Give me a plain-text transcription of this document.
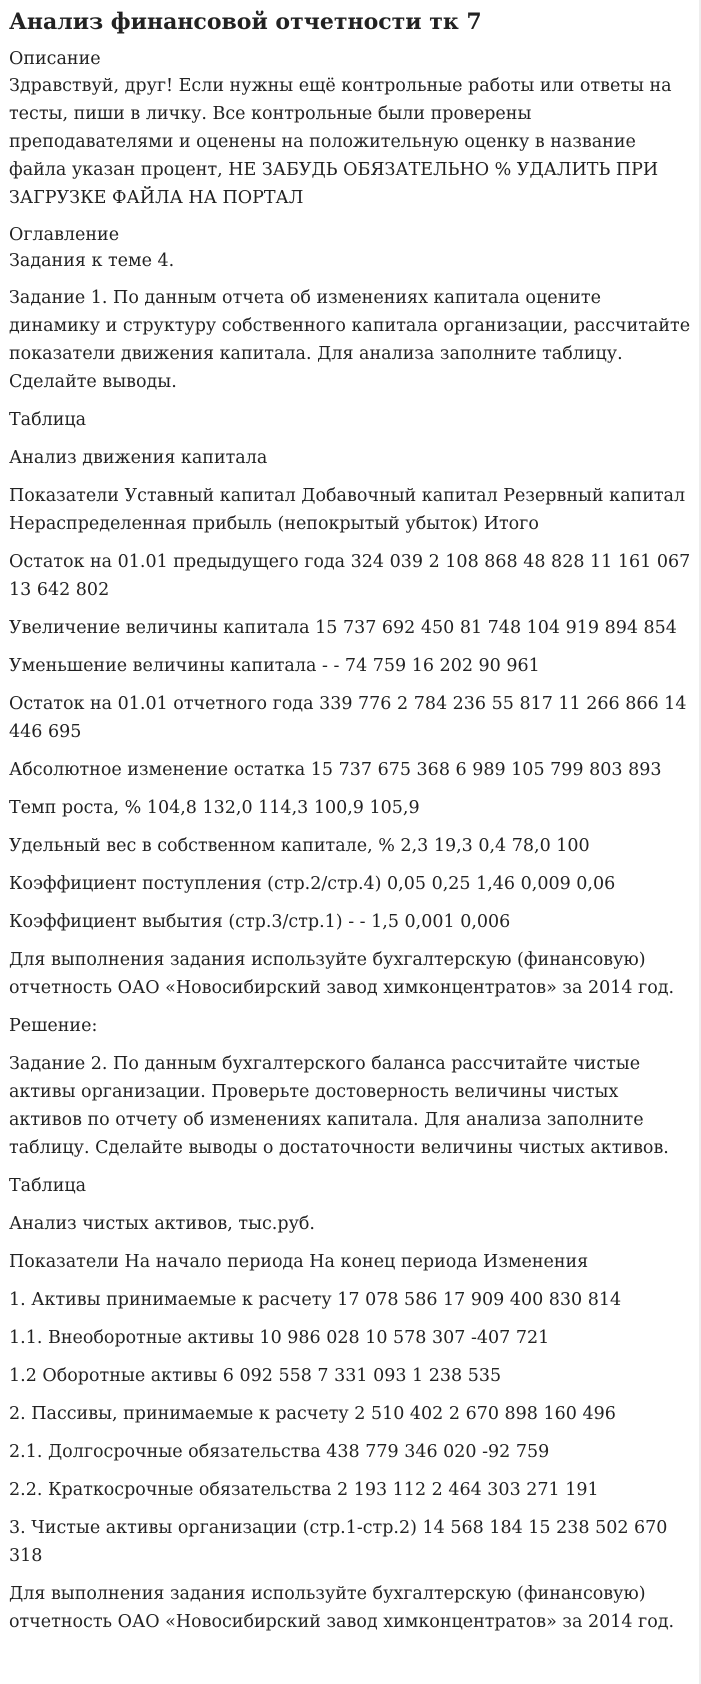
Анализ финансовой отчетности тк 7
Описание
Здравствуй, друг! Если нужны ещё контрольные работы или ответы на тесты, пиши в личку. Все контрольные были проверены преподавателями и оценены на положительную оценку в название файла указан процент, НЕ ЗАБУДЬ ОБЯЗАТЕЛЬНО % УДАЛИТЬ ПРИ ЗАГРУЗКЕ ФАЙЛА НА ПОРТАЛ
Оглавление
Задания к теме 4.

Задание 1. По данным отчета об изменениях капитала оцените динамику и структуру собственного капитала организации, рассчитайте показатели движения капитала. Для анализа заполните таблицу. Сделайте выводы.

Таблица

Анализ движения капитала

Показатели Уставный капитал Добавочный капитал Резервный капитал Нераспределенная прибыль (непокрытый убыток) Итого

Остаток на 01.01 предыдущего года 324 039 2 108 868 48 828 11 161 067 13 642 802

Увеличение величины капитала 15 737 692 450 81 748 104 919 894 854

Уменьшение величины капитала - - 74 759 16 202 90 961

Остаток на 01.01 отчетного года 339 776 2 784 236 55 817 11 266 866 14 446 695

Абсолютное изменение остатка 15 737 675 368 6 989 105 799 803 893

Темп роста, % 104,8 132,0 114,3 100,9 105,9

Удельный вес в собственном капитале, % 2,3 19,3 0,4 78,0 100

Коэффициент поступления (стр.2/стр.4) 0,05 0,25 1,46 0,009 0,06

Коэффициент выбытия (стр.3/стр.1) - - 1,5 0,001 0,006

Для выполнения задания используйте бухгалтерскую (финансовую) отчетность ОАО «Новосибирский завод химконцентратов» за 2014 год.

Решение:

Задание 2. По данным бухгалтерского баланса рассчитайте чистые активы организации. Проверьте достоверность величины чистых активов по отчету об изменениях капитала. Для анализа заполните таблицу. Сделайте выводы о достаточности величины чистых активов.

Таблица

Анализ чистых активов, тыс.руб.

Показатели На начало периода На конец периода Изменения

1. Активы принимаемые к расчету 17 078 586 17 909 400 830 814

1.1. Внеоборотные активы 10 986 028 10 578 307 -407 721

1.2 Оборотные активы 6 092 558 7 331 093 1 238 535

2. Пассивы, принимаемые к расчету 2 510 402 2 670 898 160 496

2.1. Долгосрочные обязательства 438 779 346 020 -92 759

2.2. Краткосрочные обязательства 2 193 112 2 464 303 271 191

3. Чистые активы организации (стр.1-стр.2) 14 568 184 15 238 502 670 318

Для выполнения задания используйте бухгалтерскую (финансовую) отчетность ОАО «Новосибирский завод химконцентратов» за 2014 год.
